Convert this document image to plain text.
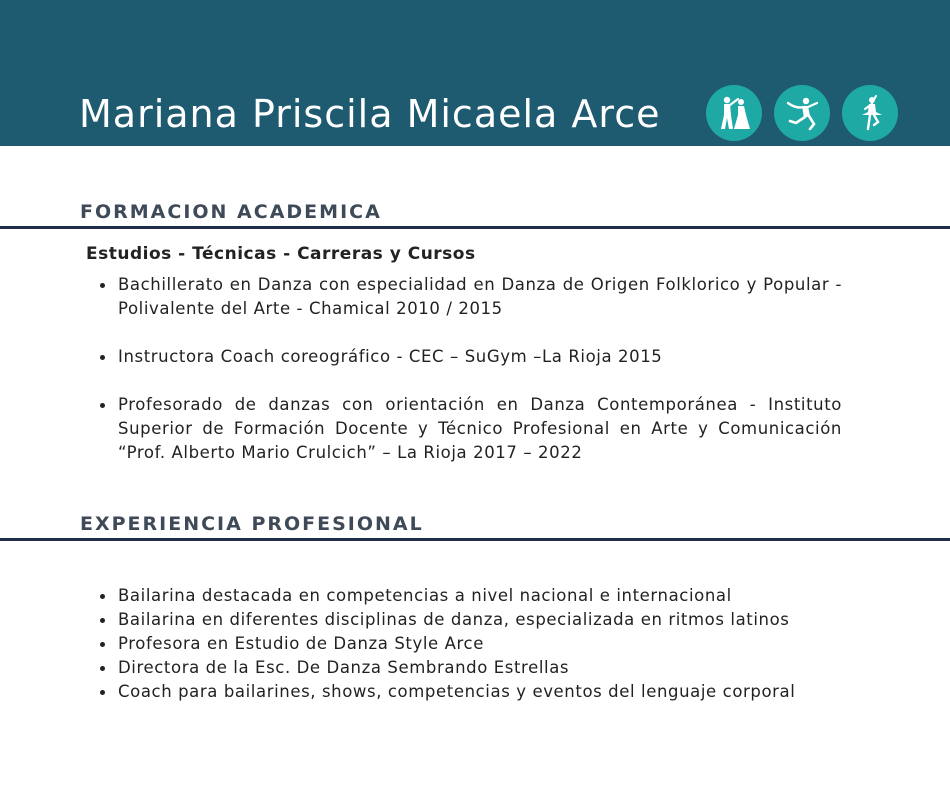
Mariana Priscila Micaela Arce
FORMACION ACADEMICA
Estudios - Técnicas - Carreras y Cursos
Bachillerato en Danza con especialidad en Danza de Origen Folklorico y Popular - Polivalente del Arte - Chamical 2010 / 2015
Instructora Coach coreográfico - CEC – SuGym –La Rioja 2015
Profesorado de danzas con orientación en Danza Contemporánea - Instituto Superior de Formación Docente y Técnico Profesional en Arte y Comunicación “Prof. Alberto Mario Crulcich” – La Rioja 2017 – 2022
EXPERIENCIA PROFESIONAL
Bailarina destacada en competencias a nivel nacional e internacional
Bailarina en diferentes disciplinas de danza, especializada en ritmos latinos
Profesora en Estudio de Danza Style Arce
Directora de la Esc. De Danza Sembrando Estrellas
Coach para bailarines, shows, competencias y eventos del lenguaje corporal
